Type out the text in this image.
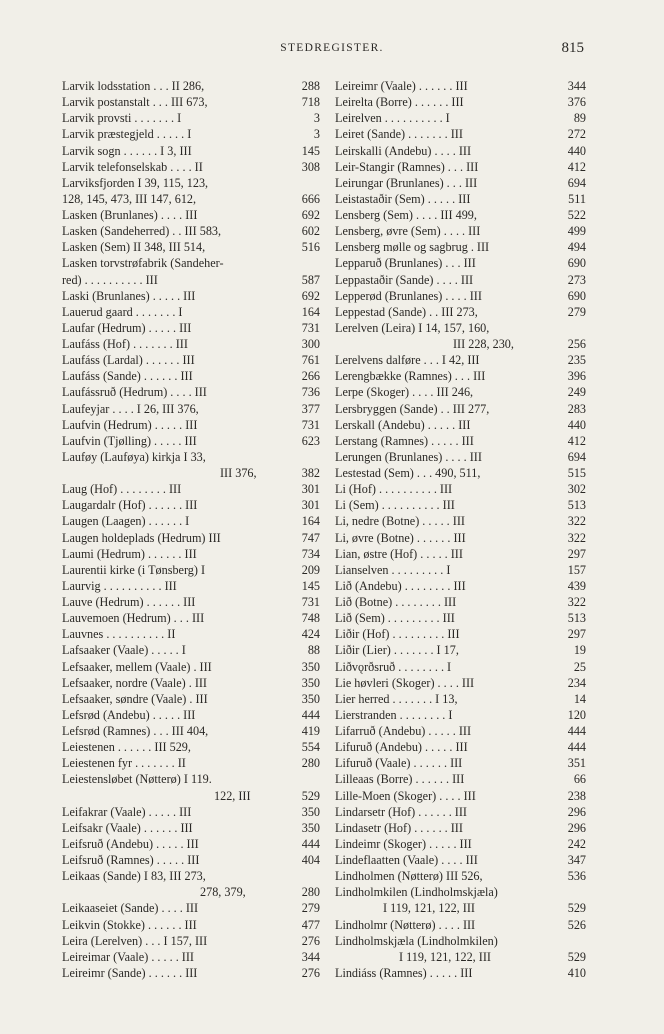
STEDREGISTER.	815
Larvik lodsstation . . . II 286,	288
Larvik postanstalt . . . III 673,	718
Larvik provsti . . . . . . . I	3
Larvik præstegjeld . . . . . I	3
Larvik sogn . . . . . . I 3, III	145
Larvik telefonselskab . . . . II	308
Larviksfjorden I 39, 115, 123,
128, 145, 473, III 147, 612,	666
Lasken (Brunlanes) . . . . III	692
Lasken (Sandeherred) . . III 583,	602
Lasken (Sem) II 348, III 514,	516
Lasken torvstrøfabrik (Sandeher-
red) . . . . . . . . . . III	587
Laski (Brunlanes) . . . . . III	692
Lauerud gaard . . . . . . . I	164
Laufar (Hedrum) . . . . . III	731
Laufáss (Hof) . . . . . . . III	300
Laufáss (Lardal) . . . . . . III	761
Laufáss (Sande) . . . . . . III	266
Laufássruð (Hedrum) . . . . III	736
Laufeyjar . . . . I 26, III 376,	377
Laufvin (Hedrum) . . . . . III	731
Laufvin (Tjølling) . . . . . III	623
Lauføy (Lauføya) kirkja I 33,
III 376,	382
Laug (Hof) . . . . . . . . III	301
Laugardalr (Hof) . . . . . . III	301
Laugen (Laagen) . . . . . . I	164
Laugen holdeplads (Hedrum) III	747
Laumi (Hedrum) . . . . . . III	734
Laurentii kirke (i Tønsberg) I	209
Laurvig . . . . . . . . . . III	145
Lauve (Hedrum) . . . . . . III	731
Lauvemoen (Hedrum) . . . III	748
Lauvnes . . . . . . . . . . II	424
Lafsaaker (Vaale) . . . . . I	88
Lefsaaker, mellem (Vaale) . III	350
Lefsaaker, nordre (Vaale) . III	350
Lefsaaker, søndre (Vaale) . III	350
Lefsrød (Andebu) . . . . . III	444
Lefsrød (Ramnes) . . . III 404,	419
Leiestenen . . . . . . III 529,	554
Leiestenen fyr . . . . . . . II	280
Leiestensløbet (Nøtterø) I 119.
122, III	529
Leifakrar (Vaale) . . . . . III	350
Leifsakr (Vaale) . . . . . . III	350
Leifsruð (Andebu) . . . . . III	444
Leifsruð (Ramnes) . . . . . III	404
Leikaas (Sande) I 83, III 273,
278, 379,	280
Leikaaseiet (Sande) . . . . III	279
Leikvin (Stokke) . . . . . . III	477
Leira (Lerelven) . . . I 157, III	276
Leireimar (Vaale) . . . . . III	344
Leireimr (Sande) . . . . . . III	276
Leireimr (Vaale) . . . . . . III	344
Leirelta (Borre) . . . . . . III	376
Leirelven . . . . . . . . . . I	89
Leiret (Sande) . . . . . . . III	272
Leirskalli (Andebu) . . . . III	440
Leir-Stangir (Ramnes) . . . III	412
Leirungar (Brunlanes) . . . III	694
Leistastaðir (Sem) . . . . . III	511
Lensberg (Sem) . . . . III 499,	522
Lensberg, øvre (Sem) . . . . III	499
Lensberg mølle og sagbrug . III	494
Lepparuð (Brunlanes) . . . III	690
Leppastaðir (Sande) . . . . III	273
Lepperød (Brunlanes) . . . . III	690
Leppestad (Sande) . . III 273,	279
Lerelven (Leira) I 14, 157, 160,
III 228, 230,	256
Lerelvens dalføre . . . I 42, III	235
Lerengbække (Ramnes) . . . III	396
Lerpe (Skoger) . . . . III 246,	249
Lersbryggen (Sande) . . III 277,	283
Lerskall (Andebu) . . . . . III	440
Lerstang (Ramnes) . . . . . III	412
Lerungen (Brunlanes) . . . . III	694
Lestestad (Sem) . . . 490, 511,	515
Li (Hof) . . . . . . . . . . III	302
Li (Sem) . . . . . . . . . . III	513
Li, nedre (Botne) . . . . . III	322
Li, øvre (Botne) . . . . . . III	322
Lian, østre (Hof) . . . . . III	297
Lianselven . . . . . . . . . I	157
Lið (Andebu) . . . . . . . . III	439
Lið (Botne) . . . . . . . . III	322
Lið (Sem) . . . . . . . . . III	513
Liðir (Hof) . . . . . . . . . III	297
Liðir (Lier) . . . . . . . I 17,	19
Liðvǫrðsruð . . . . . . . . I	25
Lie høvleri (Skoger) . . . . III	234
Lier herred . . . . . . . I 13,	14
Lierstranden . . . . . . . . I	120
Lifarruð (Andebu) . . . . . III	444
Lifuruð (Andebu) . . . . . III	444
Lifuruð (Vaale) . . . . . . III	351
Lilleaas (Borre) . . . . . . III	66
Lille-Moen (Skoger) . . . . III	238
Lindarsetr (Hof) . . . . . . III	296
Lindasetr (Hof) . . . . . . III	296
Lindeimr (Skoger) . . . . . III	242
Lindeflaatten (Vaale) . . . . III	347
Lindholmen (Nøtterø) III 526,	536
Lindholmkilen (Lindholmskjæla)
I 119, 121, 122, III	529
Lindholmr (Nøtterø) . . . . III	526
Lindholmskjæla (Lindholmkilen)
I 119, 121, 122, III	529
Lindiáss (Ramnes) . . . . . III	410
